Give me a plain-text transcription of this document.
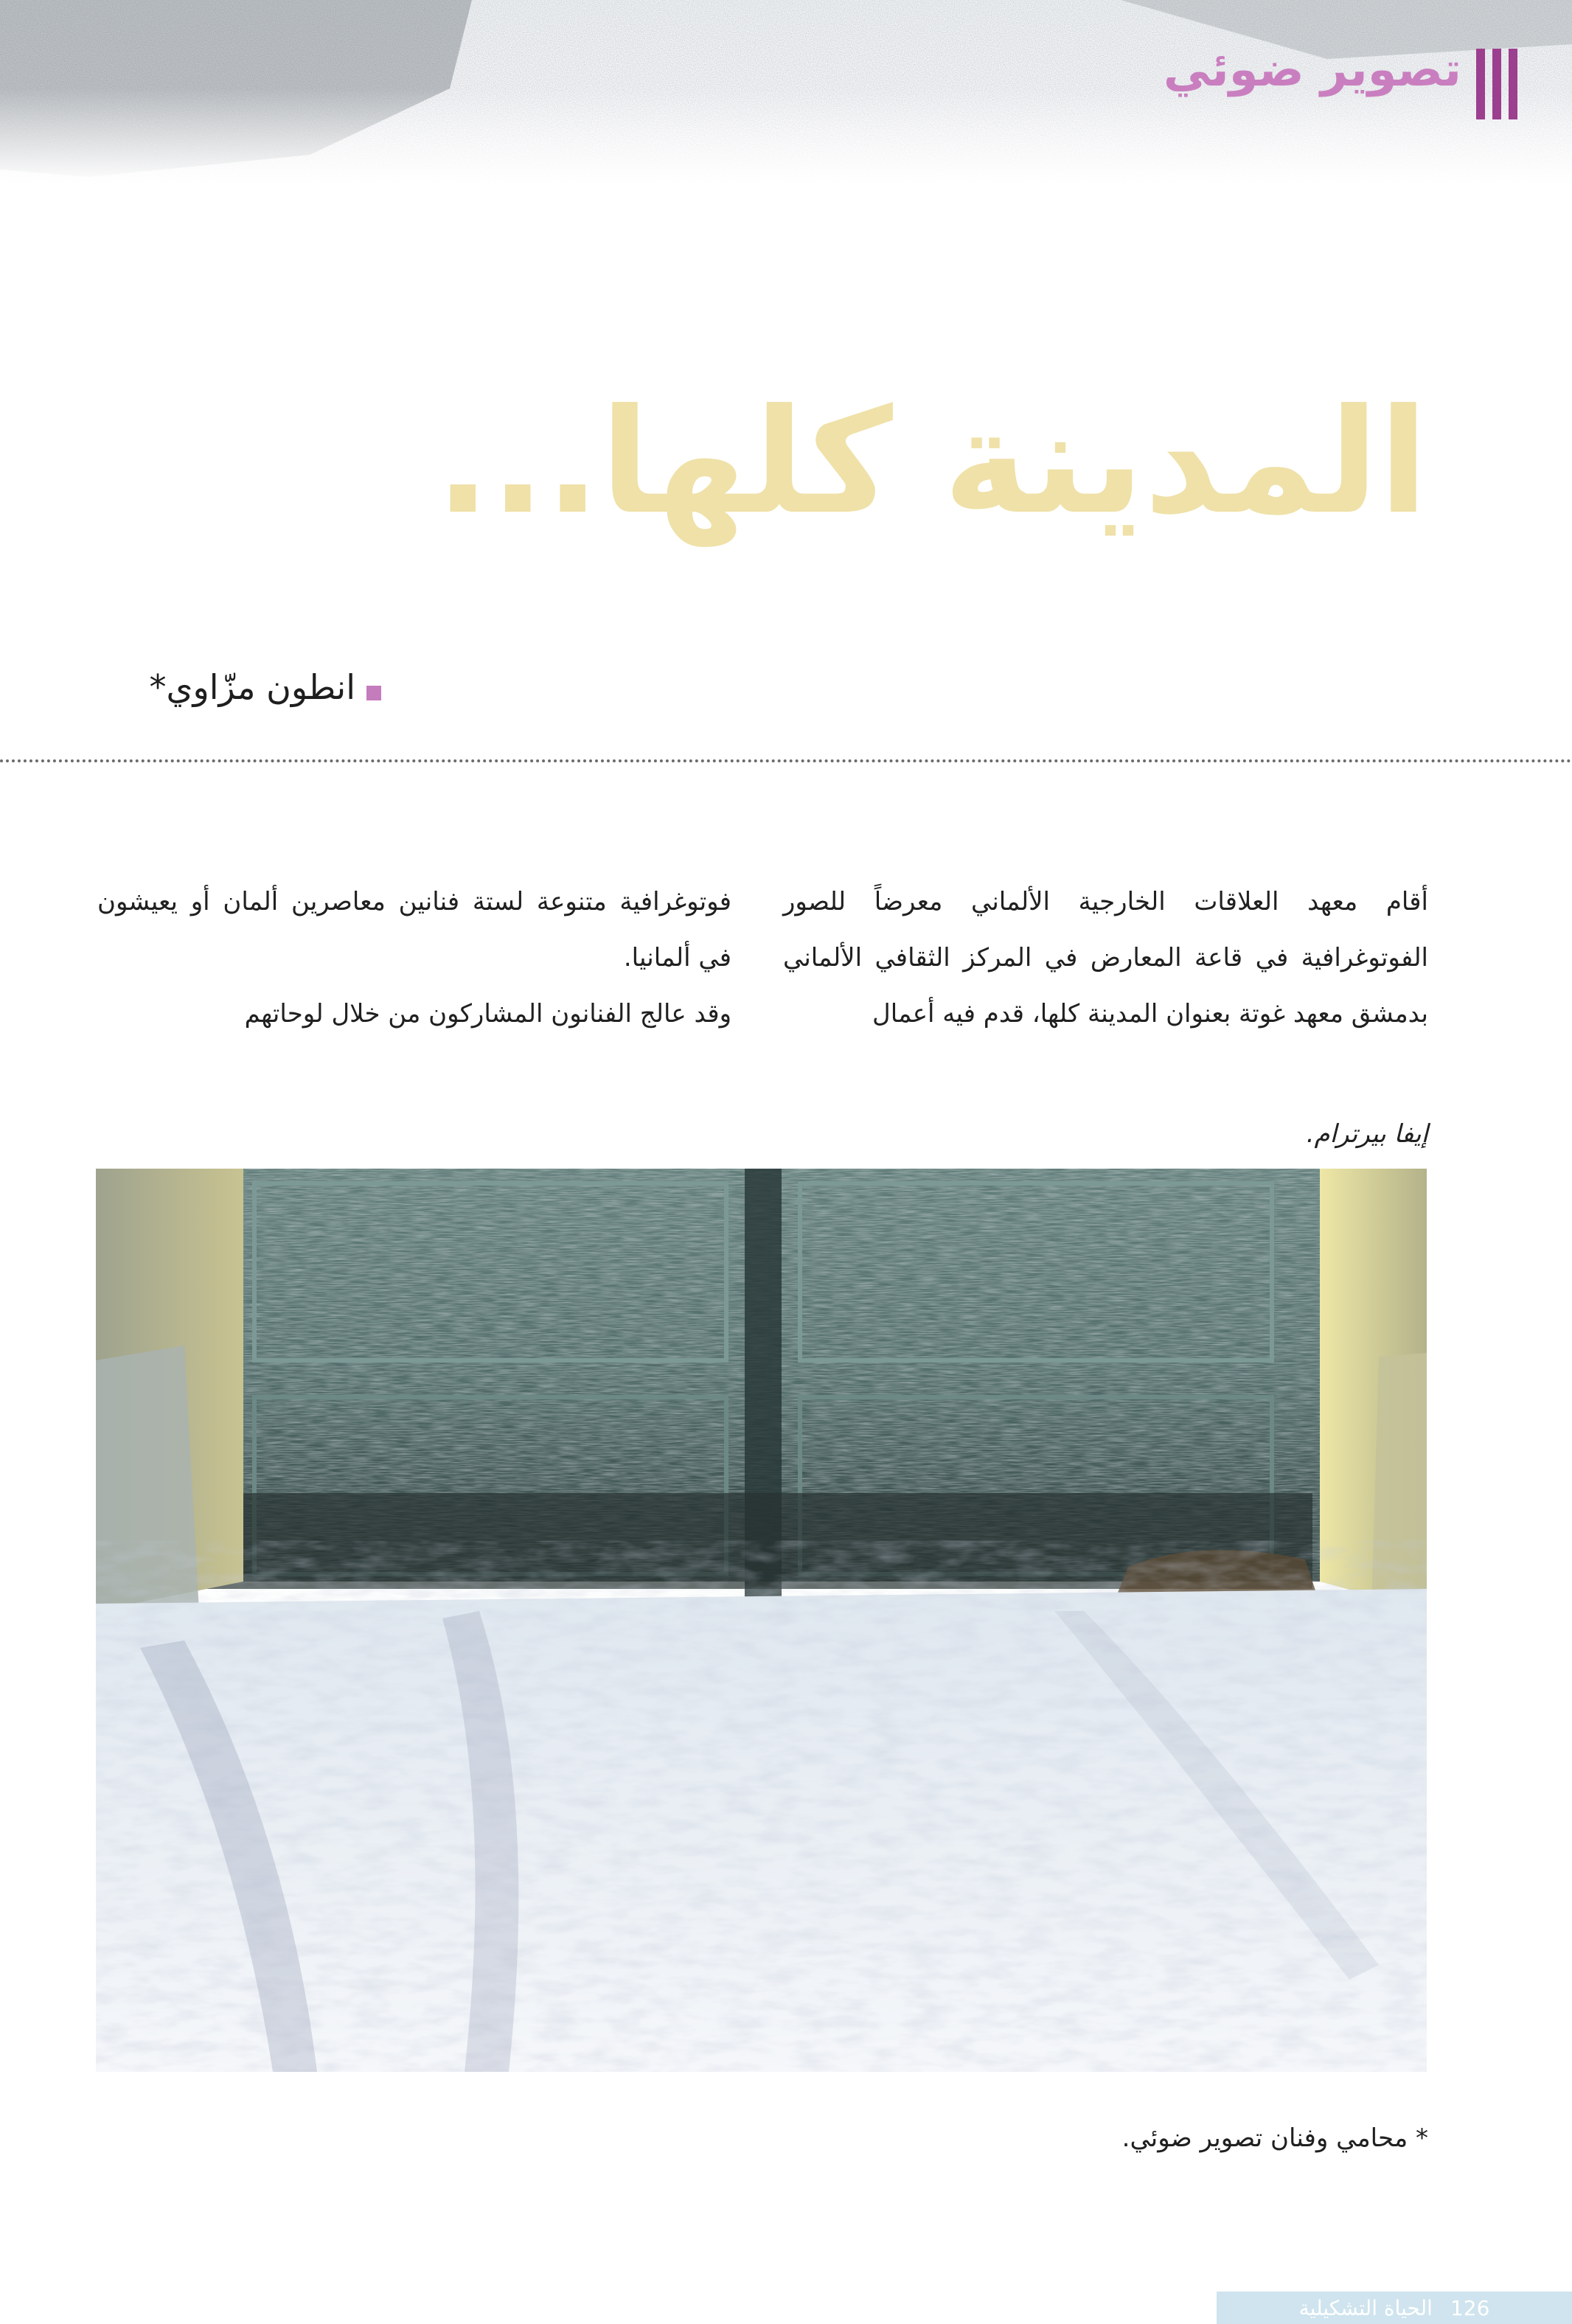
تصوير ضوئي
المدينة كلها...
انطون مزّاوي*

أقام معهد العلاقات الخارجية الألماني معرضاً للصور الفوتوغرافية في قاعة المعارض في المركز الثقافي الألماني بدمشق معهد غوتة بعنوان المدينة كلها، قدم فيه أعمال

فوتوغرافية متنوعة لستة فنانين معاصرين ألمان أو يعيشون في ألمانيا.

وقد عالج الفنانون المشاركون من خلال لوحاتهم

إيفا بيرترام.
* محامي وفنان تصوير ضوئي.
126
الحياة التشكيلية
